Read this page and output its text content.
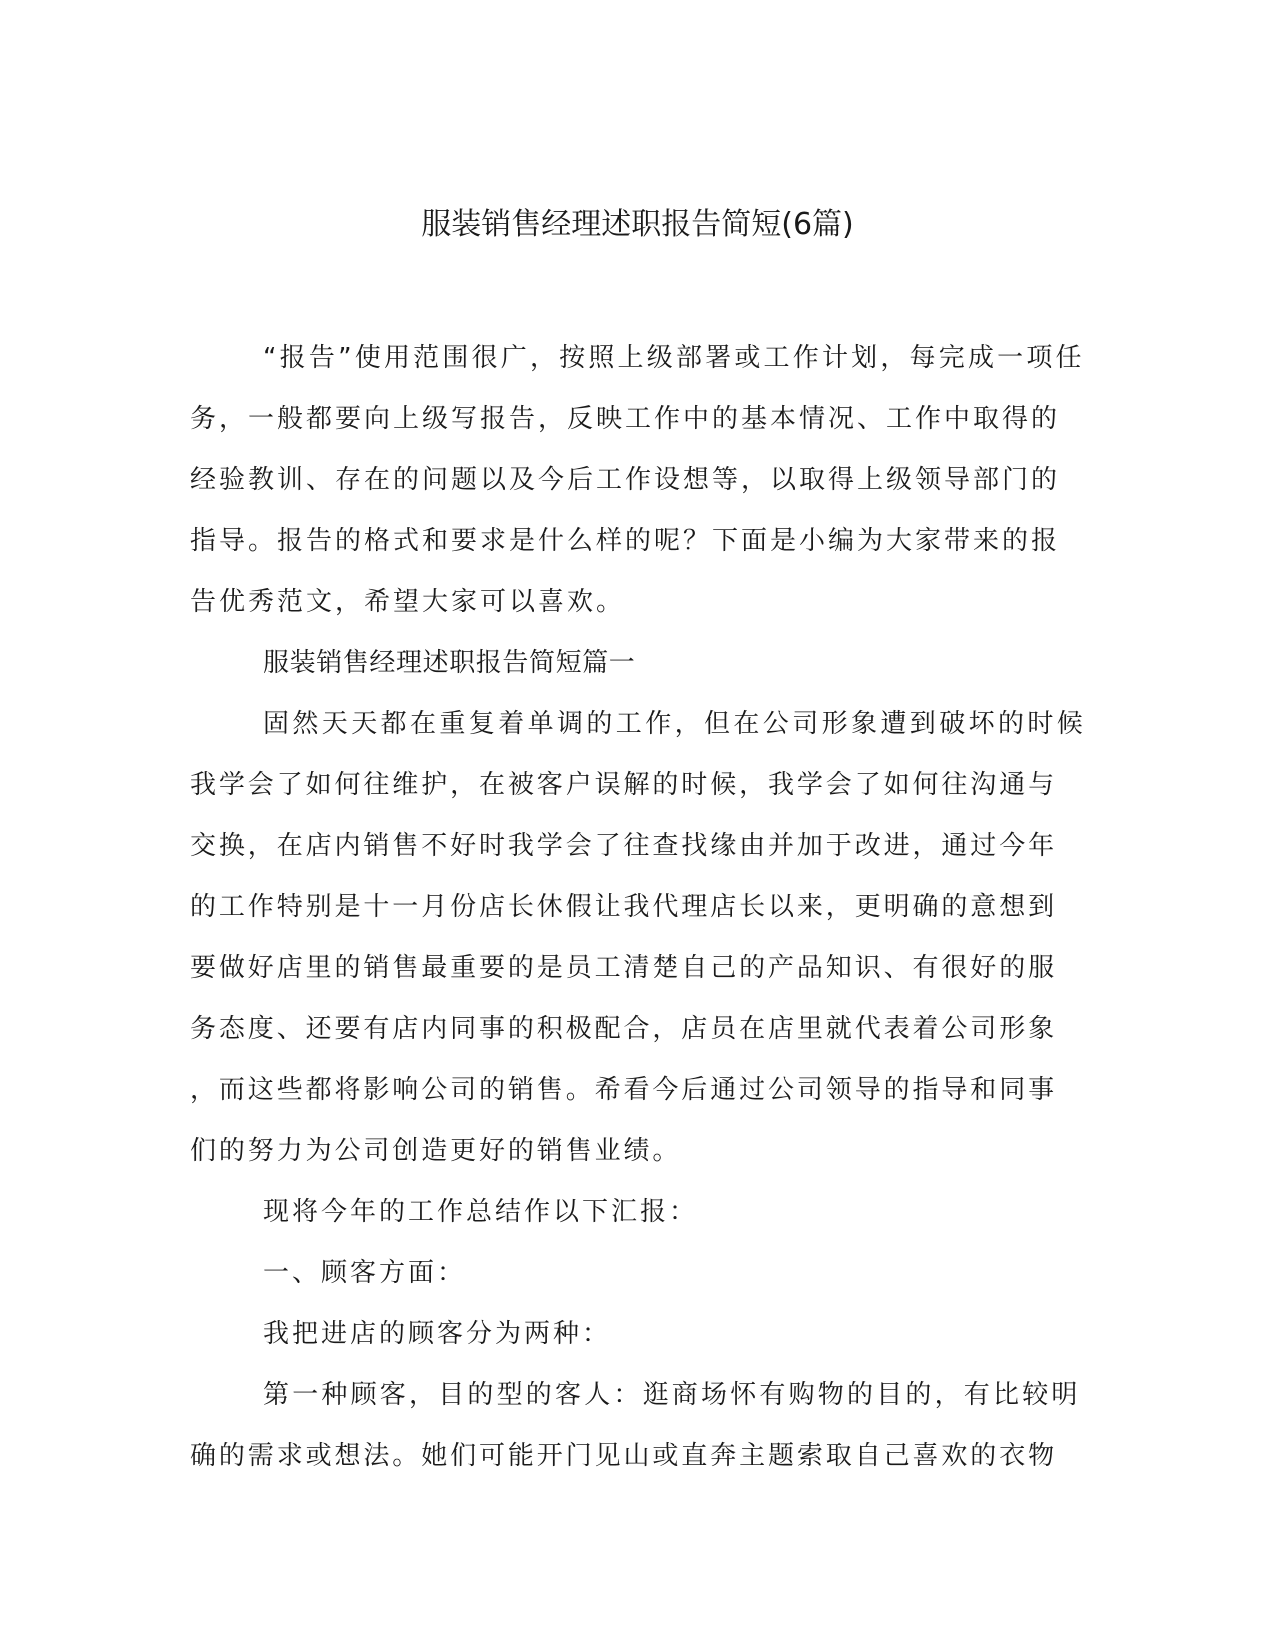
服装销售经理述职报告简短(6篇)
“报告”使用范围很广，按照上级部署或工作计划，每完成一项任
务，一般都要向上级写报告，反映工作中的基本情况、工作中取得的
经验教训、存在的问题以及今后工作设想等，以取得上级领导部门的
指导。报告的格式和要求是什么样的呢？下面是小编为大家带来的报
告优秀范文，希望大家可以喜欢。
服装销售经理述职报告简短篇一
固然天天都在重复着单调的工作，但在公司形象遭到破坏的时候
我学会了如何往维护，在被客户误解的时候，我学会了如何往沟通与
交换，在店内销售不好时我学会了往查找缘由并加于改进，通过今年
的工作特别是十一月份店长休假让我代理店长以来，更明确的意想到
要做好店里的销售最重要的是员工清楚自己的产品知识、有很好的服
务态度、还要有店内同事的积极配合，店员在店里就代表着公司形象
，而这些都将影响公司的销售。希看今后通过公司领导的指导和同事
们的努力为公司创造更好的销售业绩。
现将今年的工作总结作以下汇报：
一、顾客方面：
我把进店的顾客分为两种：
第一种顾客，目的型的客人：逛商场怀有购物的目的，有比较明
确的需求或想法。她们可能开门见山或直奔主题索取自己喜欢的衣物
